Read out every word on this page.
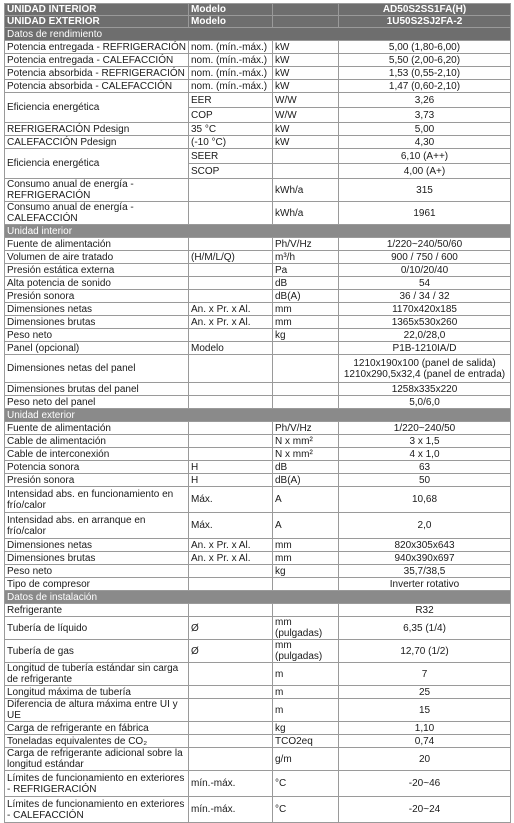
UNIDAD INTERIOR	Modelo		AD50S2SS1FA(H)
UNIDAD EXTERIOR	Modelo		1U50S2SJ2FA-2
Datos de rendimiento			
Potencia entregada - REFRIGERACIÓN	nom. (mín.-máx.)	kW	5,00 (1,80-6,00)
Potencia entregada - CALEFACCIÓN	nom. (mín.-máx.)	kW	5,50 (2,00-6,20)
Potencia absorbida - REFRIGERACIÓN	nom. (mín.-máx.)	kW	1,53 (0,55-2,10)
Potencia absorbida - CALEFACCIÓN	nom. (mín.-máx.)	kW	1,47 (0,60-2,10)
Eficiencia energética	EER	W/W	3,26
	COP	W/W	3,73
REFRIGERACIÓN Pdesign	35 °C	kW	5,00
CALEFACCIÓN Pdesign	(-10 °C)	kW	4,30
Eficiencia energética	SEER		6,10 (A++)
	SCOP		4,00 (A+)
Consumo anual de energía - REFRIGERACIÓN		kWh/a	315
Consumo anual de energía - CALEFACCIÓN		kWh/a	1961
Unidad interior			
Fuente de alimentación		Ph/V/Hz	1/220~240/50/60
Volumen de aire tratado	(H/M/L/Q)	m³/h	900 / 750 / 600
Presión estática externa		Pa	0/10/20/40
Alta potencia de sonido		dB	54
Presión sonora		dB(A)	36 / 34 / 32
Dimensiones netas	An. x Pr. x Al.	mm	1170x420x185
Dimensiones brutas	An. x Pr. x Al.	mm	1365x530x260
Peso neto		kg	22,0/28,0
Panel (opcional)	Modelo		P1B-1210IA/D
Dimensiones netas del panel			1210x190x100 (panel de salida)
1210x290,5x32,4 (panel de entrada)
Dimensiones brutas del panel			1258x335x220
Peso neto del panel			5,0/6,0
Unidad exterior			
Fuente de alimentación		Ph/V/Hz	1/220~240/50
Cable de alimentación		N x mm²	3 x 1,5
Cable de interconexión		N x mm²	4 x 1,0
Potencia sonora	H	dB	63
Presión sonora	H	dB(A)	50
Intensidad abs. en funcionamiento en frío/calor	Máx.	A	10,68
Intensidad abs. en arranque en frío/calor	Máx.	A	2,0
Dimensiones netas	An. x Pr. x Al.	mm	820x305x643
Dimensiones brutas	An. x Pr. x Al.	mm	940x390x697
Peso neto		kg	35,7/38,5
Tipo de compresor			Inverter rotativo
Datos de instalación			
Refrigerante			R32
Tubería de líquido	Ø	mm (pulgadas)	6,35 (1/4)
Tubería de gas	Ø	mm (pulgadas)	12,70 (1/2)
Longitud de tubería estándar sin carga de refrigerante		m	7
Longitud máxima de tubería		m	25
Diferencia de altura máxima entre UI y UE		m	15
Carga de refrigerante en fábrica		kg	1,10
Toneladas equivalentes de CO₂		TCO2eq	0,74
Carga de refrigerante adicional sobre la longitud estándar		g/m	20
Límites de funcionamiento en exteriores - REFRIGERACIÓN	mín.-máx.	°C	-20~46
Límites de funcionamiento en exteriores - CALEFACCIÓN	mín.-máx.	°C	-20~24
